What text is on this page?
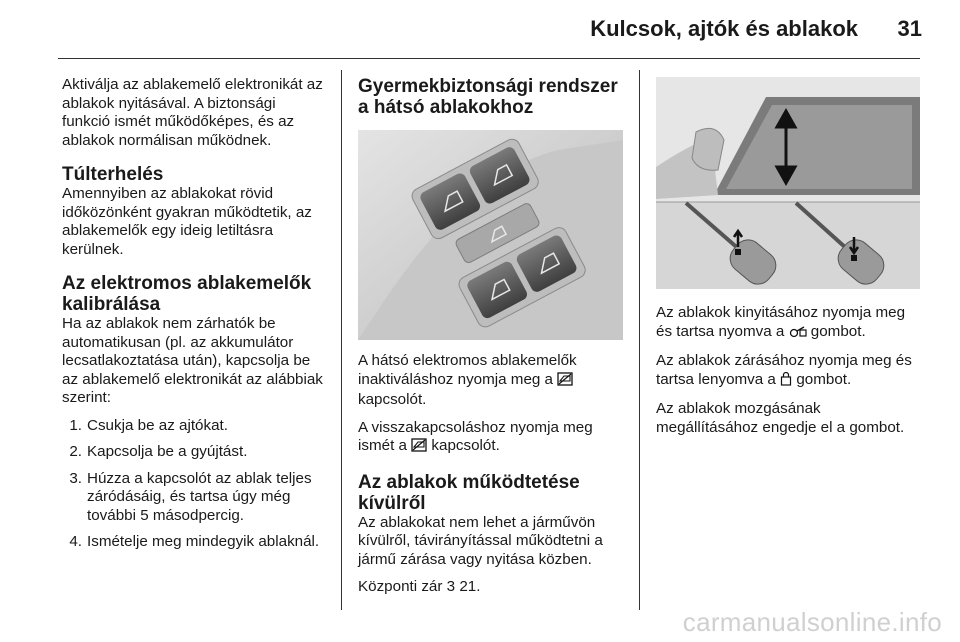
Kulcsok, ajtók és ablakok 31

Aktiválja az ablakemelő elektronikát az ablakok nyitásával. A biztonsági funkció ismét működőképes, és az ablakok normálisan működnek.

Túlterhelés

Amennyiben az ablakokat rövid időközönként gyakran működtetik, az ablakemelők egy ideig letiltásra kerülnek.

Az elektromos ablakemelők kalibrálása

Ha az ablakok nem zárhatók be automatikusan (pl. az akkumulátor lecsatlakoztatása után), kapcsolja be az ablakemelő elektronikát az alábbiak szerint:

1. Csukja be az ajtókat.
2. Kapcsolja be a gyújtást.
3. Húzza a kapcsolót az ablak teljes záródásáig, és tartsa úgy még további 5 másodpercig.
4. Ismételje meg mindegyik ablaknál.
Gyermekbiztonsági rendszer a hátsó ablakokhoz

A hátsó elektromos ablakemelők inaktiváláshoz nyomja meg a  kapcsolót.

A visszakapcsoláshoz nyomja meg ismét a kapcsolót.

Az ablakok működtetése kívülről

Az ablakokat nem lehet a járművön kívülről, távirányítással működtetni a jármű zárása vagy nyitása közben.

Központi zár 3 21.

Az ablakok kinyitásához nyomja meg és tartsa nyomva a gombot.

Az ablakok zárásához nyomja meg és tartsa lenyomva a gombot.

Az ablakok mozgásának megállításához engedje el a gombot.

carmanualsonline.info
